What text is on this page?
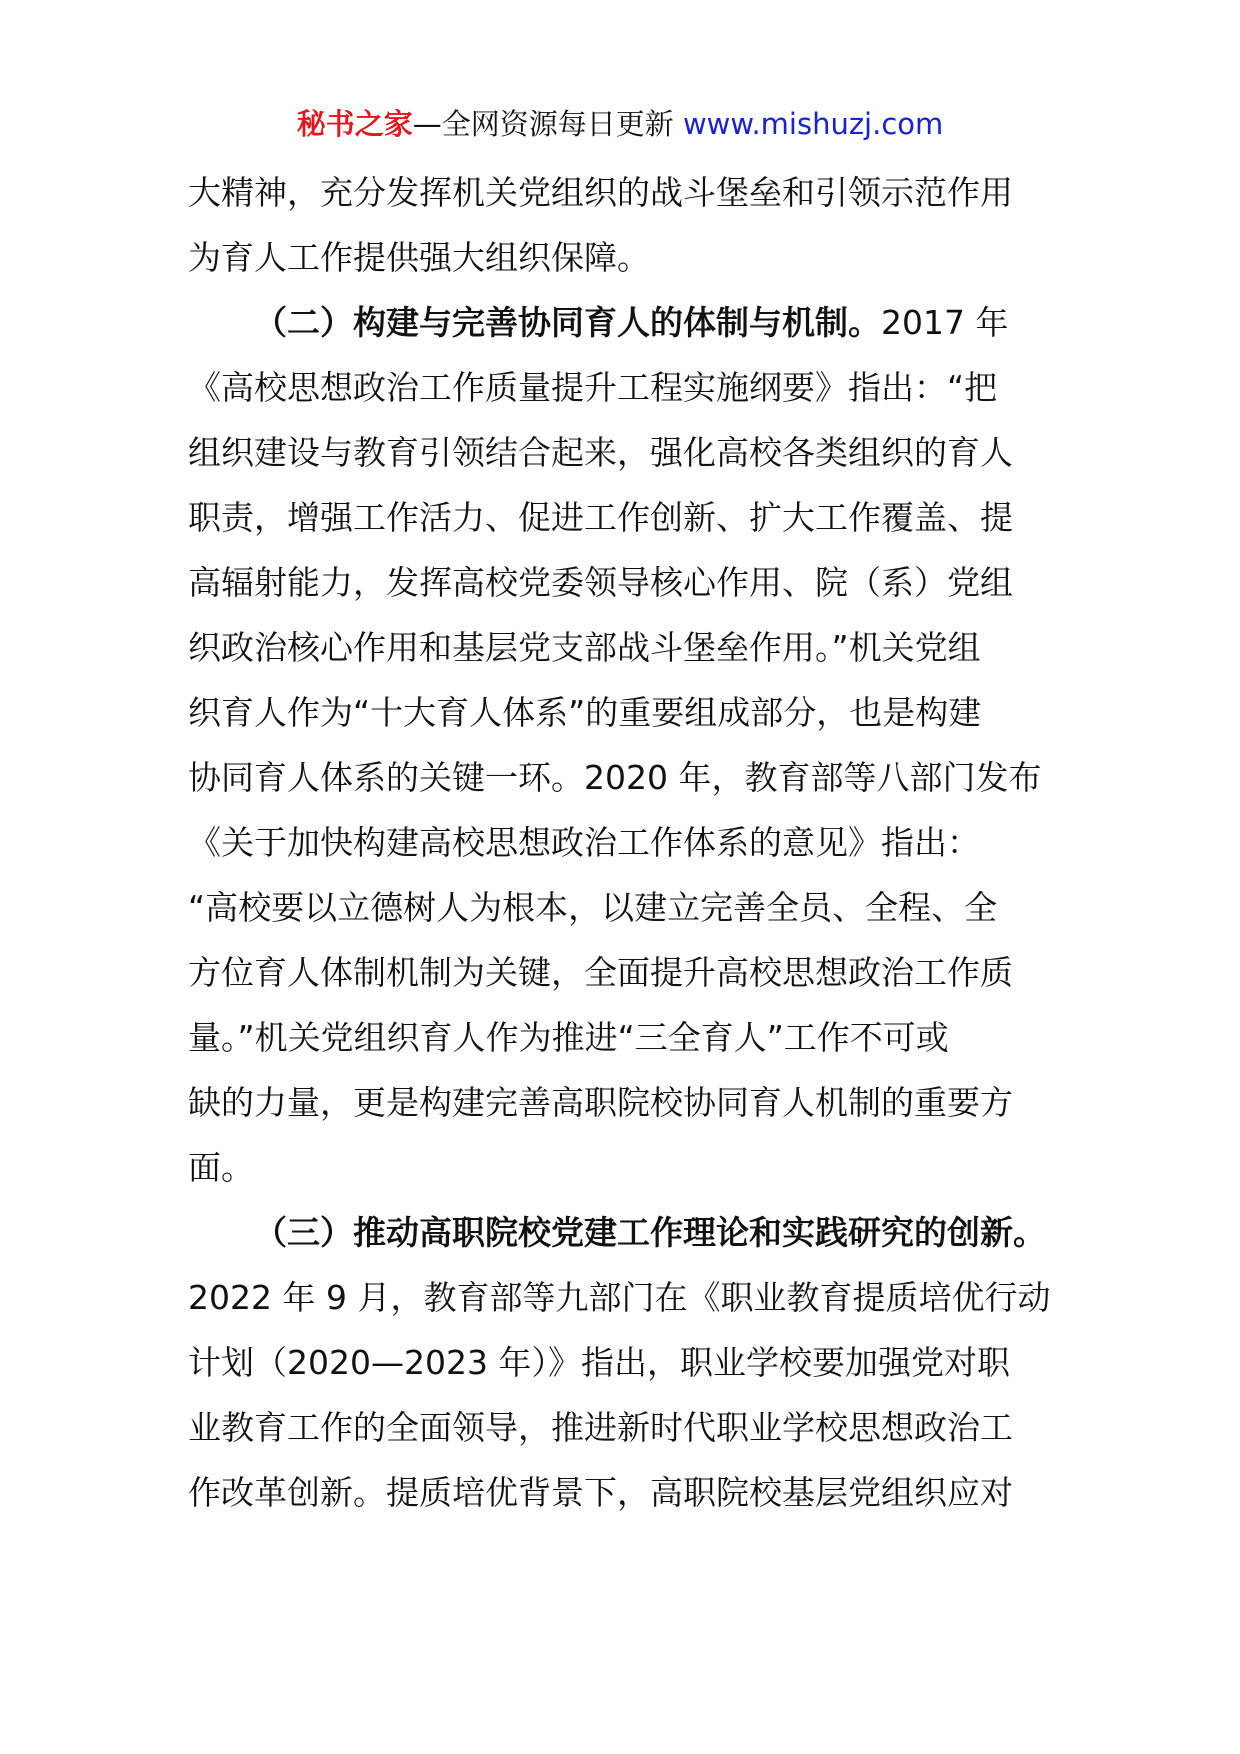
秘书之家—全网资源每日更新 www.mishuzj.com
大精神，充分发挥机关党组织的战斗堡垒和引领示范作用
为育人工作提供强大组织保障。
（二）构建与完善协同育人的体制与机制。2017 年
《高校思想政治工作质量提升工程实施纲要》指出：“把
组织建设与教育引领结合起来，强化高校各类组织的育人
职责，增强工作活力、促进工作创新、扩大工作覆盖、提
高辐射能力，发挥高校党委领导核心作用、院（系）党组
织政治核心作用和基层党支部战斗堡垒作用。”机关党组
织育人作为“十大育人体系”的重要组成部分，也是构建
协同育人体系的关键一环。2020 年，教育部等八部门发布
《关于加快构建高校思想政治工作体系的意见》指出：
“高校要以立德树人为根本，以建立完善全员、全程、全
方位育人体制机制为关键，全面提升高校思想政治工作质
量。”机关党组织育人作为推进“三全育人”工作不可或
缺的力量，更是构建完善高职院校协同育人机制的重要方
面。
（三）推动高职院校党建工作理论和实践研究的创新。
2022 年 9 月，教育部等九部门在《职业教育提质培优行动
计划（2020—2023 年）》指出，职业学校要加强党对职
业教育工作的全面领导，推进新时代职业学校思想政治工
作改革创新。提质培优背景下，高职院校基层党组织应对
